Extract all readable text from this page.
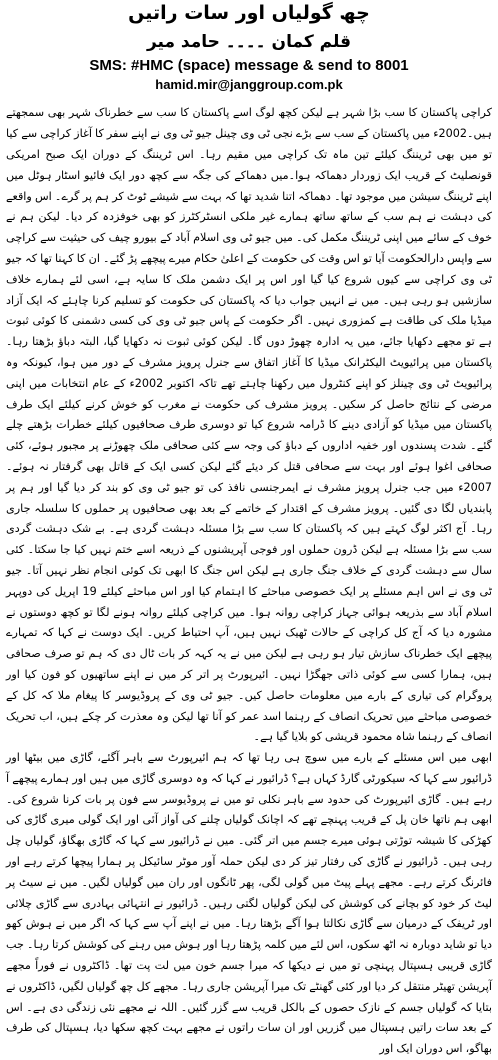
چھ گولیاں اور سات راتیں
قلم کمان ۔۔۔۔ حامد میر
SMS: #HMC (space) message & send to 8001
hamid.mir@janggroup.com.pk

کراچی پاکستان کا سب بڑا شہر ہے لیکن کچھ لوگ اسے پاکستان کا سب سے خطرناک شہر بھی سمجھتے ہیں۔2002ء میں پاکستان کے سب سے بڑے نجی ٹی وی چینل جیو ٹی وی نے اپنے سفر کا آغاز کراچی سے کیا تو میں بھی ٹریننگ کیلئے تین ماہ تک کراچی میں مقیم رہا۔ اس ٹریننگ کے دوران ایک صبح امریکی قونصلیٹ کے قریب ایک زوردار دھماکہ ہوا۔میں دھماکے کی جگہ سے کچھ دور ایک فائیو اسٹار ہوٹل میں اپنے ٹریننگ سیشن میں موجود تھا۔ دھماکہ اتنا شدید تھا کہ بہت سے شیشے ٹوٹ کر ہم پر گرے۔ اس واقعے کی دہشت نے ہم سب کے ساتھ ساتھ ہمارے غیر ملکی انسٹرکٹرز کو بھی خوفزدہ کر دیا۔ لیکن ہم نے خوف کے سائے میں اپنی ٹریننگ مکمل کی۔ میں جیو ٹی وی اسلام آباد کے بیورو چیف کی حیثیت سے کراچی سے واپس دارالحکومت آیا تو اس وقت کی حکومت کے اعلیٰ حکام میرے پیچھے پڑ گئے۔ ان کا کہنا تھا کہ جیو ٹی وی کراچی سے کیوں شروع کیا گیا اور اس پر ایک دشمن ملک کا سایہ ہے، اسی لئے ہمارے خلاف سازشیں ہو رہی ہیں۔ میں نے انہیں جواب دیا کہ پاکستان کی حکومت کو تسلیم کرنا چاہئے کہ ایک آزاد میڈیا ملک کی طاقت ہے کمزوری نہیں۔ اگر حکومت کے پاس جیو ٹی وی کی کسی دشمنی کا کوئی ثبوت ہے تو مجھے دکھایا جائے، میں یہ ادارہ چھوڑ دوں گا۔ لیکن کوئی ثبوت نہ دکھایا گیا، البتہ دباؤ بڑھتا رہا۔ پاکستان میں پرائیویٹ الیکٹرانک میڈیا کا آغاز اتفاق سے جنرل پرویز مشرف کے دور میں ہوا، کیونکہ وہ پرائیویٹ ٹی وی چینلز کو اپنے کنٹرول میں رکھنا چاہتے تھے تاکہ اکتوبر 2002ء کے عام انتخابات میں اپنی مرضی کے نتائج حاصل کر سکیں۔ پرویز مشرف کی حکومت نے مغرب کو خوش کرنے کیلئے ایک طرف پاکستان میں میڈیا کو آزادی دینے کا ڈرامہ شروع کیا تو دوسری طرف صحافیوں کیلئے خطرات بڑھتے چلے گئے۔ شدت پسندوں اور خفیہ اداروں کے دباؤ کی وجہ سے کئی صحافی ملک چھوڑنے پر مجبور ہوئے، کئی صحافی اغوا ہوئے اور بہت سے صحافی قتل کر دیئے گئے لیکن کسی ایک کے قاتل بھی گرفتار نہ ہوئے۔ 2007ء میں جب جنرل پرویز مشرف نے ایمرجنسی نافذ کی تو جیو ٹی وی کو بند کر دیا گیا اور ہم پر پابندیاں لگا دی گئیں۔ پرویز مشرف کے اقتدار کے خاتمے کے بعد بھی صحافیوں پر حملوں کا سلسلہ جاری رہا۔ آج اکثر لوگ کہتے ہیں کہ پاکستان کا سب سے بڑا مسئلہ دہشت گردی ہے۔ بے شک دہشت گردی سب سے بڑا مسئلہ ہے لیکن ڈرون حملوں اور فوجی آپریشنوں کے ذریعہ اسے ختم نہیں کیا جا سکتا۔ کئی سال سے دہشت گردی کے خلاف جنگ جاری ہے لیکن اس جنگ کا ابھی تک کوئی انجام نظر نہیں آتا۔ جیو ٹی وی نے اس اہم مسئلے پر ایک خصوصی مباحثے کا اہتمام کیا اور اس مباحثے کیلئے 19 اپریل کی دوپہر اسلام آباد سے بذریعہ ہوائی جہاز کراچی روانہ ہوا۔ میں کراچی کیلئے روانہ ہونے لگا تو کچھ دوستوں نے مشورہ دیا کہ آج کل کراچی کے حالات ٹھیک نہیں ہیں، آپ احتیاط کریں۔ ایک دوست نے کہا کہ تمہارے پیچھے ایک خطرناک سازش تیار ہو رہی ہے لیکن میں نے یہ کہہ کر بات ٹال دی کہ ہم تو صرف صحافی ہیں، ہمارا کسی سے کوئی ذاتی جھگڑا نہیں۔ ائیرپورٹ پر اتر کر میں نے اپنے ساتھیوں کو فون کیا اور پروگرام کی تیاری کے بارے میں معلومات حاصل کیں۔ جیو ٹی وی کے پروڈیوسر کا پیغام ملا کہ کل کے خصوصی مباحثے میں تحریک انصاف کے رہنما اسد عمر کو آنا تھا لیکن وہ معذرت کر چکے ہیں، اب تحریک انصاف کے رہنما شاہ محمود قریشی کو بلایا گیا ہے۔

ابھی میں اس مسئلے کے بارے میں سوچ ہی رہا تھا کہ ہم ائیرپورٹ سے باہر آگئے، گاڑی میں بیٹھا اور ڈرائیور سے کہا کہ سیکورٹی گارڈ کہاں ہے؟ ڈرائیور نے کہا کہ وہ دوسری گاڑی میں ہیں اور ہمارے پیچھے آ رہے ہیں۔ گاڑی ائیرپورٹ کی حدود سے باہر نکلی تو میں نے پروڈیوسر سے فون پر بات کرنا شروع کی۔ ابھی ہم ناتھا خان پل کے قریب پہنچے تھے کہ اچانک گولیاں چلنے کی آواز آئی اور ایک گولی میری گاڑی کی کھڑکی کا شیشہ توڑتی ہوئی میرے جسم میں اتر گئی۔ میں نے ڈرائیور سے کہا کہ گاڑی بھگاؤ، گولیاں چل رہی ہیں۔ ڈرائیور نے گاڑی کی رفتار تیز کر دی لیکن حملہ آور موٹر سائیکل پر ہمارا پیچھا کرتے رہے اور فائرنگ کرتے رہے۔ مجھے پہلے پیٹ میں گولی لگی، پھر ٹانگوں اور ران میں گولیاں لگیں۔ میں نے سیٹ پر لیٹ کر خود کو بچانے کی کوشش کی لیکن گولیاں لگتی رہیں۔ ڈرائیور نے انتہائی بہادری سے گاڑی چلائی اور ٹریفک کے درمیان سے گاڑی نکالتا ہوا آگے بڑھتا رہا۔ میں نے اپنے آپ سے کہا کہ اگر میں نے ہوش کھو دیا تو شاید دوبارہ نہ اٹھ سکوں، اس لئے میں کلمہ پڑھتا رہا اور ہوش میں رہنے کی کوشش کرتا رہا۔ جب گاڑی قریبی ہسپتال پہنچی تو میں نے دیکھا کہ میرا جسم خون میں لت پت تھا۔ ڈاکٹروں نے فوراً مجھے آپریشن تھیٹر منتقل کر دیا اور کئی گھنٹے تک میرا آپریشن جاری رہا۔ مجھے کل چھ گولیاں لگیں، ڈاکٹروں نے بتایا کہ گولیاں جسم کے نازک حصوں کے بالکل قریب سے گزر گئیں۔ اللہ نے مجھے نئی زندگی دی ہے۔ اس کے بعد سات راتیں ہسپتال میں گزریں اور ان سات راتوں نے مجھے بہت کچھ سکھا دیا، ہسپتال کی طرف بھاگو، اس دوران ایک اور
